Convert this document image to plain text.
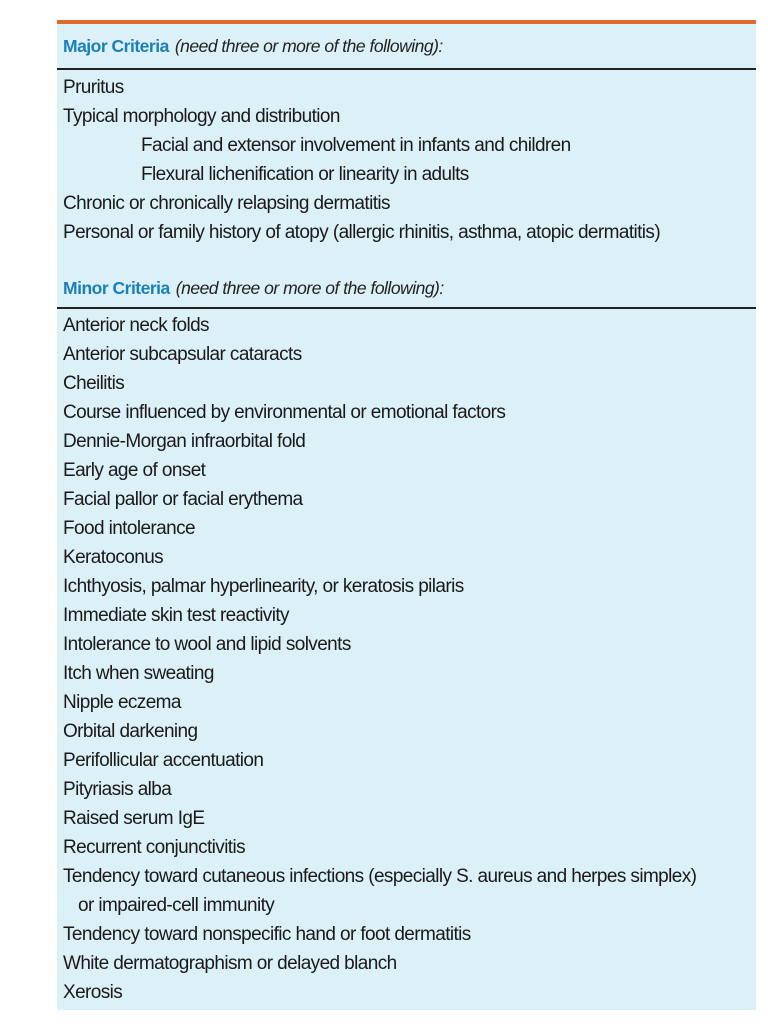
Major Criteria (need three or more of the following):
Pruritus
Typical morphology and distribution
Facial and extensor involvement in infants and children
Flexural lichenification or linearity in adults
Chronic or chronically relapsing dermatitis
Personal or family history of atopy (allergic rhinitis, asthma, atopic dermatitis)
Minor Criteria (need three or more of the following):
Anterior neck folds
Anterior subcapsular cataracts
Cheilitis
Course influenced by environmental or emotional factors
Dennie-Morgan infraorbital fold
Early age of onset
Facial pallor or facial erythema
Food intolerance
Keratoconus
Ichthyosis, palmar hyperlinearity, or keratosis pilaris
Immediate skin test reactivity
Intolerance to wool and lipid solvents
Itch when sweating
Nipple eczema
Orbital darkening
Perifollicular accentuation
Pityriasis alba
Raised serum IgE
Recurrent conjunctivitis
Tendency toward cutaneous infections (especially S. aureus and herpes simplex)
or impaired-cell immunity
Tendency toward nonspecific hand or foot dermatitis
White dermatographism or delayed blanch
Xerosis
